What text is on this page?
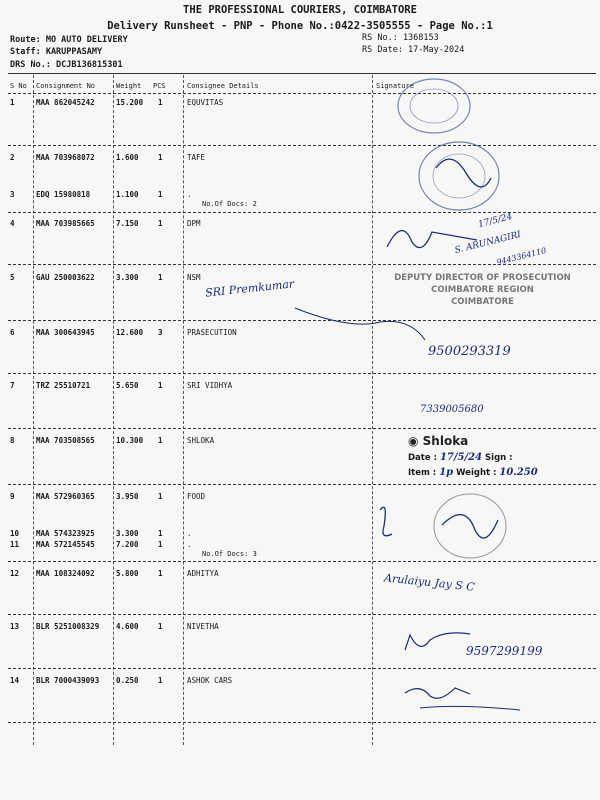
THE PROFESSIONAL COURIERS, COIMBATORE
Delivery Runsheet - PNP - Phone No.:0422-3505555 - Page No.:1
Route: MO AUTO DELIVERY
Staff: KARUPPASAMY
DRS No.: DCJB136815301
RS No.: 1368153
RS Date: 17-May-2024
S No Consignment No	Weight PCS	Consignee Details	Signature
1	MAA 862045242	15.200 1	EQUVITAS
2	MAA 703968072	1.600	1	TAFE
3	EDQ 15980818	1.100	1	.
No.Of Docs: 2
4	MAA 703985665	7.150	1	DPM
5	GAU 250003622	3.300	1	NSM
6	MAA 300643945	12.600 3	PRASECUTION
7	TRZ 25510721	5.650	1	SRI VIDHYA
8	MAA 703508565	10.300 1	SHLOKA
9	MAA 572960365	3.950	1	FOOD
10 MAA 574323925	3.300	1	.
11 MAA 572145545	7.200	1	.
No.Of Docs: 3
12 MAA 108324092	5.800	1	ADHITYA
13 BLR 5251008329 4.600	1	NIVETHA
14 BLR 7000439093 0.250	1	ASHOK CARS
17/5/24
S. ARUNAGIRI
9443364110
SRI Premkumar	DEPUTY DIRECTOR OF PROSECUTION
COIMBATORE REGION
COIMBATORE
9500293319
7339005680
◉ Shloka
Date : 17/5/24 Sign :
Item : 1p Weight : 10.250
Arulaiyu Jay S C
9597299199
